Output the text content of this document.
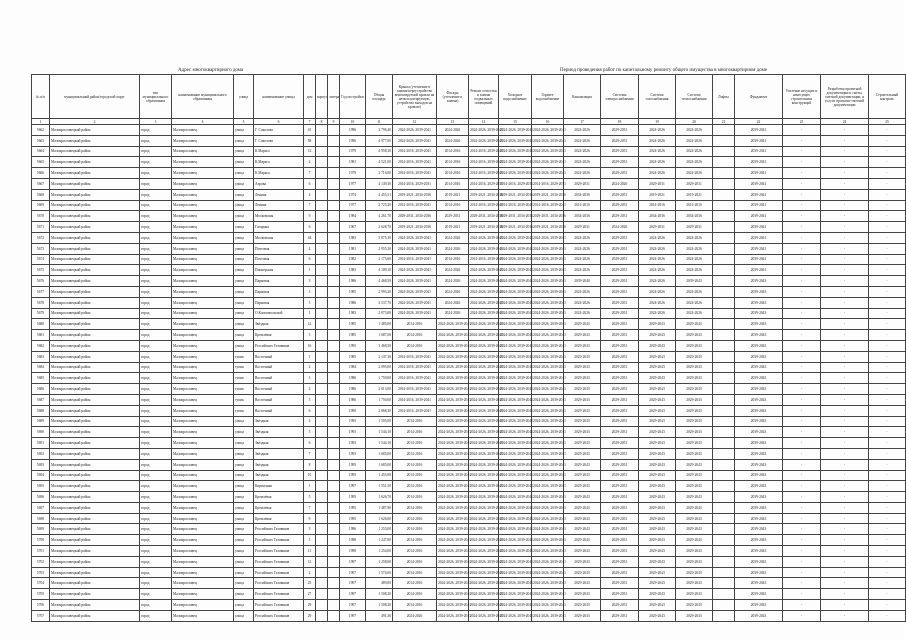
Адрес многоквартирного дома	Период проведения работ по капитальному ремонту общего имущества в многоквартирном доме
№ п/п	муниципальный район/городской округ	тип муниципального образования	наименование муниципального образования	улица	наименование улицы	дом	корпус	литера	Год постройки	Общая площадь	Крыша (утепление и замена/переустройство вентилируемой кровли на неэксплуатируемую, устройство выходов на кровлю)	Фасады (утепление и замена)	Ремонт отмостки и замена подвальных помещений	Холодное водоснабжение	Горячее водоснабжение	Канализация	Системы электроснабжения	Система газоснабжения	Система теплоснабжения	Лифты	Фундамент	Усиление несущих и ненесущих строительных конструкций	Разработка проектной документации и сметы, сметной документации, и услуги проектно-сметной документации	Строительный контроль
1	2	3	4	5	6	7	8	9	10	11	12	13	14	15	16	17	18	19	20	21	22	23	24	25
5662	Малоярославецкий район	город	Малоярославец	улица	Г. Соколова	41			1996	2 796,40	2024-2026, 2039-2041	2024-2026	2024-2026, 2039-2041	2024-2026, 2039-2041	2024-2026, 2039-2041	2024-2026	2029-2031	2024-2026	2024-2026		2039-2041	-	-	-
5663	Малоярославецкий район	город	Малоярославец	улица	Г. Соколова	58			1996	4 977,00	2024-2026, 2039-2041	2024-2026	2024-2026, 2039-2041	2024-2026, 2039-2041	2024-2026, 2039-2041	2024-2026	2029-2031	2024-2026	2024-2026		2039-2041	-	-	-
5664	Малоярославецкий район	город	Малоярославец	улица	К.Маркса	12			1979	4 958,30	2014-2016, 2039-2041	2014-2016	2014-2016, 2039-2041	2024-2026, 2039-2041	2024-2026, 2039-2041	2024-2026	2029-2031	2024-2026	2024-2026		2039-2041	-	-	-
5665	Малоярославецкий район	город	Малоярославец	улица	К.Маркса	2			1981	4 521,00	2014-2016, 2039-2041	2014-2016	2014-2016, 2039-2041	2024-2026, 2039-2041	2024-2026, 2039-2041	2024-2026	2029-2031	2024-2026	2024-2026		2039-2041	-	-	-
5666	Малоярославецкий район	город	Малоярославец	улица	К.Маркса	7			1979	2 716,00	2014-2016, 2039-2041	2014-2016	2014-2016, 2039-2041	2024-2026, 2039-2041	2024-2026, 2039-2041	2024-2026	2029-2031	2024-2026	2024-2026		2039-2041	-	-	-
5667	Малоярославецкий район	город	Малоярославец	улица	Аэрова	6			1977	4 149,30	2014-2016, 2029-2031	2014-2016	2014-2016, 2029-2031	2014-2016, 2029-2031	2014-2016, 2029-2031	2029-2031	2024-2026	2029-2031	2029-2031		2039-2041	-	-	-
5668	Малоярославецкий район	город	Малоярославец	улица	Ленина	4			1974	4 455,31	2019-2021, 2034-2036	2019-2021	2019-2021, 2034-2036	2019-2021, 2034-2036	2019-2021, 2034-2036	2034-2036	2029-2031	2019-2021	2019-2021		2039-2041	-	-	-
5669	Малоярославецкий район	город	Малоярославец	улица	Ленина	7			1977	2 725,20	2014-2016, 2039-2041	2014-2016	2014-2016, 2039-2041	2014-2016, 2039-2041	2014-2016, 2039-2041	2014-2016	2029-2031	2014-2016	2014-2016		2039-2041	-	-	-
5670	Малоярославецкий район	город	Малоярославец	улица	Московская	9			1984	4 261,70	2029-2031, 2034-2036	2029-2031	2029-2031, 2034-2036	2029-2031, 2034-2036	2029-2031, 2034-2036	2034-2036	2029-2031	2034-2036	2034-2036		2039-2041	-	-	-
5671	Малоярославецкий район	город	Малоярославец	улица	Гагарина	6			1967	2 628,70	2019-2021, 2034-2036	2019-2021	2019-2021, 2034-2036	2019-2021, 2034-2036	2019-2021, 2034-2036	2029-2031	2024-2026	2029-2031	2029-2031		2039-2041	-	-	-
5672	Малоярославецкий район	город	Малоярославец	улица	Московская	44			1983	5 075,10	2024-2026, 2039-2041	2024-2026	2024-2026, 2039-2041	2024-2026, 2039-2041	2024-2026, 2039-2041	2024-2026	2029-2031	2024-2026	2024-2026		2039-2041	-	-	-
5673	Малоярославецкий район	город	Малоярославец	улица	Почтовая	4			1981	2 955,30	2024-2026, 2039-2041	2024-2026	2024-2026, 2039-2041	2024-2026, 2039-2041	2024-2026, 2039-2041	2024-2026	2029-2031	2024-2026	2024-2026		2039-2041	-	-	-
5674	Малоярославецкий район	город	Малоярославец	улица	Почтовая	6			1982	2 175,60	2014-2016, 2039-2041	2014-2016	2014-2016, 2039-2041	2024-2026, 2039-2041	2024-2026, 2039-2041	2024-2026	2029-2031	2024-2026	2024-2026		2039-2041	-	-	-
5675	Малоярославецкий район	город	Малоярославец	улица	Пионерская	1			1983	4 109,10	2024-2026, 2039-2041	2024-2026	2024-2026, 2039-2041	2024-2026, 2039-2041	2024-2026, 2039-2041	2024-2026	2029-2031	2024-2026	2024-2026		2039-2041	-	-	-
5676	Малоярославецкий район	город	Малоярославец	улица	Парковая	3			1986	4 468,50	2024-2026, 2039-2041	2024-2026	2024-2026, 2039-2041	2024-2026, 2039-2041	2024-2026, 2039-2041	2039-2040	2029-2031	2024-2026	2039-2043		2039-2043	-	-	-
5677	Малоярославецкий район	город	Малоярославец	улица	Парковая	3			1985	2 993,20	2024-2026, 2039-2041	2024-2026	2024-2026, 2039-2041	2024-2026, 2039-2041	2024-2026, 2039-2041	2024-2026	2029-2031	2024-2026	2024-2026		2039-2043	-	-	-
5678	Малоярославецкий район	город	Малоярославец	улица	Парковая	5			1986	3 537,70	2024-2026, 2039-2041	2024-2026	2024-2026, 2039-2041	2024-2026, 2039-2041	2024-2026, 2039-2041	2024-2026	2029-2031	2024-2026	2024-2026		2039-2043	-	-	-
5679	Малоярославецкий район	город	Малоярославец	улица	О.Комсомольской	1			1983	2 073,00	2024-2026, 2039-2041	2024-2026	2024-2026, 2039-2041	2024-2026, 2039-2041	2024-2026, 2039-2041	2024-2026	2029-2031	2024-2026	2024-2026		2039-2043	-	-	-
5680	Малоярославецкий район	город	Малоярославец	улица	Звёздная	12			1985	1 485,00	2014-2016	2024-2026, 2039-2041	2024-2026, 2039-2041	2024-2026, 2039-2041	2024-2026, 2039-2041	2029-2043	2029-2031	2029-2043	2029-2043		2039-2043	-	-	-
5681	Малоярославецкий район	город	Малоярославец	улица	Кремлёвая	3			1985	1 687,00	2014-2016	2024-2026, 2039-2041	2024-2026, 2039-2041	2024-2026, 2039-2041	2024-2026, 2039-2041	2029-2043	2029-2031	2029-2043	2029-2043		2039-2043	-	-	-
5682	Малоярославецкий район	город	Малоярославец	улица	Российских Газовиков	16			1995	3 468,50	2014-2016	2024-2026, 2039-2041	2024-2026, 2039-2041	2024-2026, 2039-2041	2024-2026, 2039-2041	2029-2043	2029-2031	2029-2043	2029-2043		2039-2043	-	-	-
5683	Малоярославецкий район	город	Малоярославец	тупик	Восточный	1			1985	2 147,36	2014-2016, 2039-2041	2024-2026, 2039-2041	2024-2026, 2039-2041	2024-2026, 2039-2041	2024-2026, 2039-2041	2029-2043	2029-2031	2029-2043	2029-2043		2039-2043	-	-	-
5684	Малоярославецкий район	город	Малоярославец	тупик	Восточный	2			1984	2 095,00	2014-2016, 2039-2041	2024-2026, 2039-2041	2024-2026, 2039-2041	2024-2026, 2039-2041	2024-2026, 2039-2041	2029-2043	2029-2031	2029-2043	2029-2043		2039-2043	-	-	-
5685	Малоярославецкий район	город	Малоярославец	тупик	Восточный	3			1986	1 750,00	2014-2016, 2039-2041	2024-2026, 2039-2041	2024-2026, 2039-2041	2024-2026, 2039-2041	2024-2026, 2039-2041	2029-2043	2029-2031	2029-2043	2029-2043		2039-2043	-	-	-
5686	Малоярославецкий район	город	Малоярославец	тупик	Восточный	4			1986	2 013,00	2014-2016, 2039-2041	2024-2026, 2039-2041	2024-2026, 2039-2041	2024-2026, 2039-2041	2024-2026, 2039-2041	2029-2043	2029-2031	2029-2043	2029-2043		2039-2043	-	-	-
5687	Малоярославецкий район	город	Малоярославец	тупик	Восточный	5			1986	1 750,00	2014-2016, 2039-2041	2024-2026, 2039-2041	2024-2026, 2039-2041	2024-2026, 2039-2041	2024-2026, 2039-2041	2029-2043	2029-2031	2029-2043	2029-2043		2039-2043	-	-	-
5688	Малоярославецкий район	город	Малоярославец	тупик	Восточный	6			1990	2 868,30	2014-2016, 2039-2041	2024-2026, 2039-2041	2024-2026, 2039-2041	2024-2026, 2039-2041	2024-2026, 2039-2041	2029-2043	2029-2031	2029-2043	2029-2043		2039-2043	-	-	-
5689	Малоярославецкий район	город	Малоярославец	улица	Звёздная	4			1993	1 505,00	2014-2016	2024-2026, 2039-2041	2024-2026, 2039-2041	2024-2026, 2039-2041	2024-2026, 2039-2041	2029-2043	2029-2031	2029-2043	2029-2043		2039-2043	-	-	-
5690	Малоярославецкий район	город	Малоярославец	улица	Звёздная	5			1993	1 544,10	2014-2016	2024-2026, 2039-2041	2024-2026, 2039-2041	2024-2026, 2039-2041	2024-2026, 2039-2041	2029-2043	2029-2031	2029-2043	2029-2043		2039-2043	-	-	-
5691	Малоярославецкий район	город	Малоярославец	улица	Звёздная	6			1993	1 544,10	2014-2016	2024-2026, 2039-2041	2024-2026, 2039-2041	2024-2026, 2039-2041	2024-2026, 2039-2041	2029-2043	2029-2031	2029-2043	2029-2043		2039-2043	-	-	-
5692	Малоярославецкий район	город	Малоярославец	улица	Звёздная	7			1993	1 685,00	2014-2016	2024-2026, 2039-2041	2024-2026, 2039-2041	2024-2026, 2039-2041	2024-2026, 2039-2041	2029-2043	2029-2031	2029-2043	2029-2043		2039-2043	-	-	-
5693	Малоярославецкий район	город	Малоярославец	улица	Звёздная	8			1995	1 685,00	2014-2016	2024-2026, 2039-2041	2024-2026, 2039-2041	2024-2026, 2039-2041	2024-2026, 2039-2041	2029-2043	2029-2031	2029-2043	2029-2043		2039-2043	-	-	-
5694	Малоярославецкий район	город	Малоярославец	улица	Звёздная	10			1995	1 455,00	2014-2016	2024-2026, 2039-2041	2024-2026, 2039-2041	2024-2026, 2039-2041	2024-2026, 2039-2041	2029-2043	2029-2031	2029-2043	2029-2043		2039-2043	-	-	-
5695	Малоярославецкий район	город	Малоярославец	улица	Кирпичная	1			1997	1 551,50	2014-2016	2024-2026, 2039-2041	2024-2026, 2039-2041	2024-2026, 2039-2041	2024-2026, 2039-2041	2029-2043	2029-2031	2029-2043	2029-2043		2039-2043	-	-	-
5696	Малоярославецкий район	город	Малоярославец	улица	Кремлёвая	5			1995	1 626,70	2014-2016	2024-2026, 2039-2041	2024-2026, 2039-2041	2024-2026, 2039-2041	2024-2026, 2039-2041	2029-2043	2029-2031	2029-2043	2029-2043		2039-2043	-	-	-
5697	Малоярославецкий район	город	Малоярославец	улица	Кремлёвая	7			1995	1 487,90	2014-2016	2024-2026, 2039-2041	2024-2026, 2039-2041	2024-2026, 2039-2041	2024-2026, 2039-2041	2029-2043	2029-2031	2029-2043	2029-2043		2039-2043	-	-	-
5698	Малоярославецкий район	город	Малоярославец	улица	Кремлёвая	9			1995	1 626,00	2014-2016	2024-2026, 2039-2041	2024-2026, 2039-2041	2024-2026, 2039-2041	2024-2026, 2039-2041	2029-2043	2029-2031	2029-2043	2029-2043		2039-2043	-	-	-
5699	Малоярославецкий район	город	Малоярославец	улица	Российских Газовиков	3			1996	1 253,00	2014-2016	2024-2026, 2039-2041	2024-2026, 2039-2041	2024-2026, 2039-2041	2024-2026, 2039-2041	2029-2043	2029-2031	2029-2043	2029-2043		2039-2043	-	-	-
5700	Малоярославецкий район	город	Малоярославец	улица	Российских Газовиков	5			1998	1 247,80	2014-2016	2024-2026, 2039-2041	2024-2026, 2039-2041	2024-2026, 2039-2041	2024-2026, 2039-2041	2029-2043	2029-2031	2029-2043	2029-2043		2039-2043	-	-	-
5701	Малоярославецкий район	город	Малоярославец	улица	Российских Газовиков	11			1998	1 254,00	2014-2016	2024-2026, 2039-2041	2024-2026, 2039-2041	2024-2026, 2039-2041	2024-2026, 2039-2041	2029-2043	2029-2031	2029-2043	2029-2043		2039-2043	-	-	-
5702	Малоярославецкий район	город	Малоярославец	улица	Российских Газовиков	12			1997	1 258,00	2014-2016	2024-2026, 2039-2041	2024-2026, 2039-2041	2024-2026, 2039-2041	2024-2026, 2039-2041	2029-2043	2029-2031	2029-2043	2029-2043		2039-2043	-	-	-
5703	Малоярославецкий район	город	Малоярославец	улица	Российских Газовиков	2			1997	1 574,00	2014-2016	2024-2026, 2039-2041	2024-2026, 2039-2041	2024-2026, 2039-2041	2024-2026, 2039-2041	2029-2043	2029-2031	2029-2043	2029-2043		2039-2043	-	-	-
5704	Малоярославецкий район	город	Малоярославец	улица	Российских Газовиков	25			1997	489,00	2014-2016	2024-2026, 2039-2041	2024-2026, 2039-2041	2024-2026, 2039-2041	2024-2026, 2039-2041	2029-2043	2029-2031	2029-2043	2029-2043		2039-2043	-	-	-
5705	Малоярославецкий район	город	Малоярославец	улица	Российских Газовиков	27			1997	1 508,20	2014-2016	2024-2026, 2039-2041	2024-2026, 2039-2041	2024-2026, 2039-2041	2024-2026, 2039-2041	2029-2043	2029-2031	2029-2043	2029-2043		2039-2043	-	-	-
5706	Малоярославецкий район	город	Малоярославец	улица	Российских Газовиков	29			1997	1 508,20	2014-2016	2024-2026, 2039-2041	2024-2026, 2039-2041	2024-2026, 2039-2041	2024-2026, 2039-2041	2029-2043	2029-2031	2029-2043	2029-2043		2039-2043	-	-	-
5707	Малоярославецкий район	город	Малоярославец	улица	Российских Газовиков	29			1997	491,30	2024-2026	2024-2026, 2039-2041	2024-2026, 2039-2041	2024-2026, 2039-2041	2024-2026, 2039-2041	2029-2043	2029-2031	2029-2043	2029-2043		2039-2043	-	-	-
